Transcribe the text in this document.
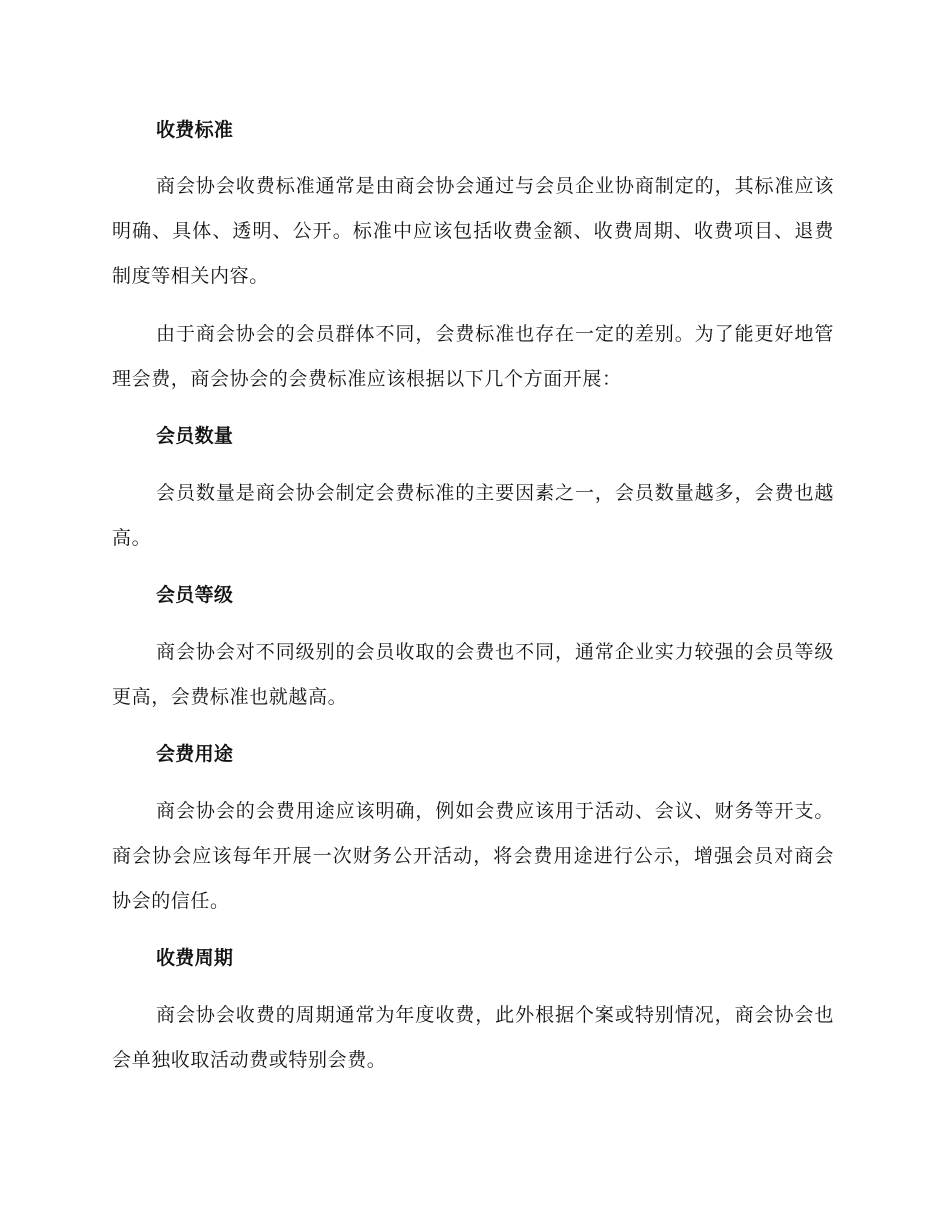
收费标准

商会协会收费标准通常是由商会协会通过与会员企业协商制定的，其标准应该明确、具体、透明、公开。标准中应该包括收费金额、收费周期、收费项目、退费制度等相关内容。

由于商会协会的会员群体不同，会费标准也存在一定的差别。为了能更好地管理会费，商会协会的会费标准应该根据以下几个方面开展：

会员数量

会员数量是商会协会制定会费标准的主要因素之一，会员数量越多，会费也越高。

会员等级

商会协会对不同级别的会员收取的会费也不同，通常企业实力较强的会员等级更高，会费标准也就越高。

会费用途

商会协会的会费用途应该明确，例如会费应该用于活动、会议、财务等开支。商会协会应该每年开展一次财务公开活动，将会费用途进行公示，增强会员对商会协会的信任。

收费周期

商会协会收费的周期通常为年度收费，此外根据个案或特别情况，商会协会也会单独收取活动费或特别会费。
